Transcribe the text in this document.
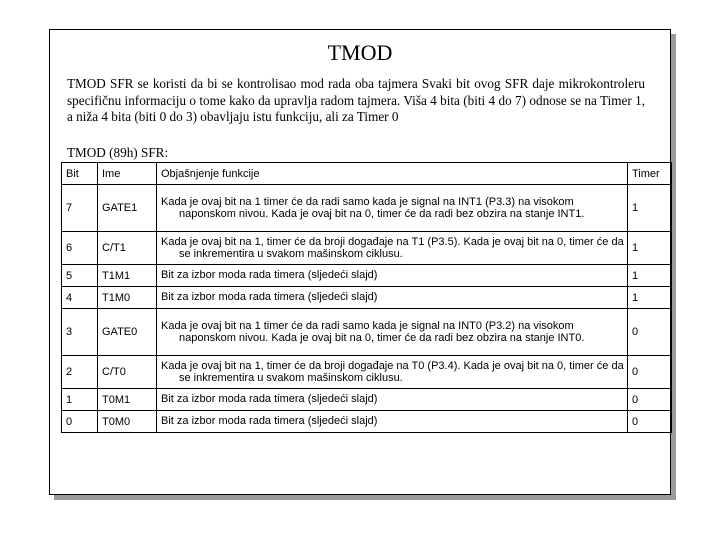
TMOD
TMOD SFR se koristi da bi se kontrolisao mod rada oba tajmera Svaki bit ovog SFR daje mikrokontroleru specifičnu informaciju o tome kako da upravlja radom tajmera. Viša 4 bita (biti 4 do 7) odnose se na Timer 1, a niža 4 bita (biti 0 do 3) obavljaju istu funkciju, ali za Timer 0
TMOD (89h) SFR:
Bit	Ime	Objašnjenje funkcije	Timer
7	GATE1	Kada je ovaj bit na 1 timer će da radi samo kada je signal na INT1 (P3.3) na visokom naponskom nivou. Kada je ovaj bit na 0, timer će da radi bez obzira na stanje INT1.	1
6	C/T1	Kada je ovaj bit na 1, timer će da broji događaje na T1 (P3.5). Kada je ovaj bit na 0, timer će da se inkrementira u svakom mašinskom ciklusu.	1
5	T1M1	Bit za izbor moda rada timera (sljedeći slajd)	1
4	T1M0	Bit za izbor moda rada timera (sljedeći slajd)	1
3	GATE0	Kada je ovaj bit na 1 timer će da radi samo kada je signal na INT0 (P3.2) na visokom naponskom nivou. Kada je ovaj bit na 0, timer će da radi bez obzira na stanje INT0.	0
2	C/T0	Kada je ovaj bit na 1, timer će da broji događaje na T0 (P3.4). Kada je ovaj bit na 0, timer će da se inkrementira u svakom mašinskom ciklusu.	0
1	T0M1	Bit za izbor moda rada timera (sljedeći slajd)	0
0	T0M0	Bit za izbor moda rada timera (sljedeći slajd)	0
